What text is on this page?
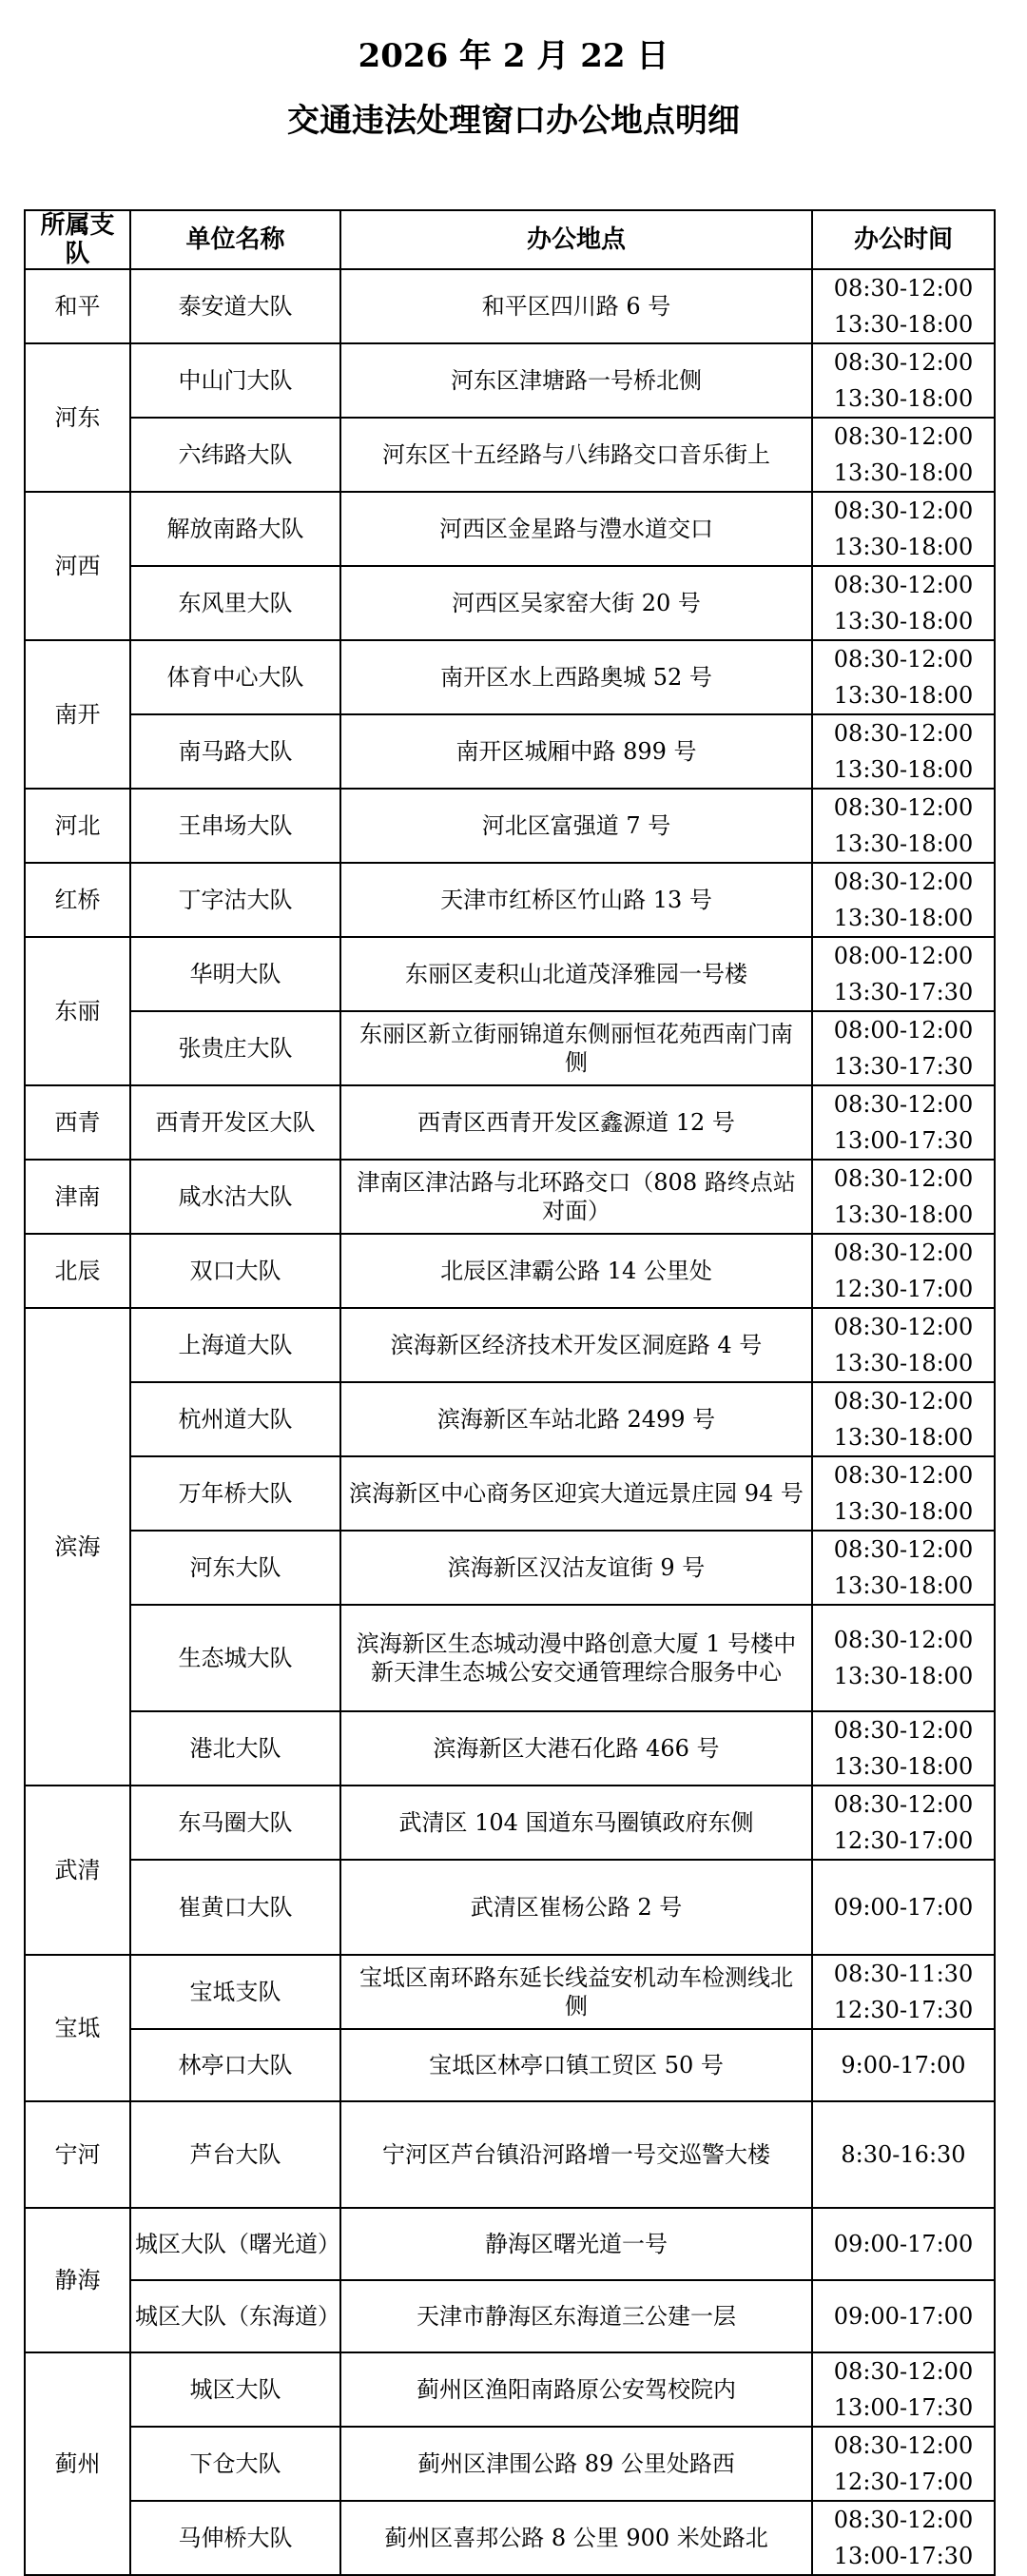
2026 年 2 月 22 日
交通违法处理窗口办公地点明细
所属支队	单位名称	办公地点	办公时间
和平	泰安道大队	和平区四川路 6 号	08:30-12:00
13:30-18:00

河东	中山门大队	河东区津塘路一号桥北侧	08:30-12:00
13:30-18:00

	六纬路大队	河东区十五经路与八纬路交口音乐街上	08:30-12:00
13:30-18:00

河西	解放南路大队	河西区金星路与澧水道交口	08:30-12:00
13:30-18:00

	东风里大队	河西区吴家窑大街 20 号	08:30-12:00
13:30-18:00

南开	体育中心大队	南开区水上西路奥城 52 号	08:30-12:00
13:30-18:00

	南马路大队	南开区城厢中路 899 号	08:30-12:00
13:30-18:00

河北	王串场大队	河北区富强道 7 号	08:30-12:00
13:30-18:00

红桥	丁字沽大队	天津市红桥区竹山路 13 号	08:30-12:00
13:30-18:00

东丽	华明大队	东丽区麦积山北道茂泽雅园一号楼	08:00-12:00
13:30-17:30

	张贵庄大队	东丽区新立街丽锦道东侧丽恒花苑西南门南侧	08:00-12:00
13:30-17:30

西青	西青开发区大队	西青区西青开发区鑫源道 12 号	08:30-12:00
13:00-17:30

津南	咸水沽大队	津南区津沽路与北环路交口（808 路终点站对面）	08:30-12:00
13:30-18:00

北辰	双口大队	北辰区津霸公路 14 公里处	08:30-12:00
12:30-17:00

滨海	上海道大队	滨海新区经济技术开发区洞庭路 4 号	08:30-12:00
13:30-18:00

	杭州道大队	滨海新区车站北路 2499 号	08:30-12:00
13:30-18:00

	万年桥大队	滨海新区中心商务区迎宾大道远景庄园 94 号	08:30-12:00
13:30-18:00

	河东大队	滨海新区汉沽友谊街 9 号	08:30-12:00
13:30-18:00

	生态城大队	滨海新区生态城动漫中路创意大厦 1 号楼中新天津生态城公安交通管理综合服务中心	08:30-12:00
13:30-18:00

	港北大队	滨海新区大港石化路 466 号	08:30-12:00
13:30-18:00

武清	东马圈大队	武清区 104 国道东马圈镇政府东侧	08:30-12:00
12:30-17:00

	崔黄口大队	武清区崔杨公路 2 号	09:00-17:00

宝坻	宝坻支队	宝坻区南环路东延长线益安机动车检测线北侧	08:30-11:30
12:30-17:30

	林亭口大队	宝坻区林亭口镇工贸区 50 号	9:00-17:00

宁河	芦台大队	宁河区芦台镇沿河路增一号交巡警大楼	8:30-16:30

静海	城区大队（曙光道）	静海区曙光道一号	09:00-17:00

	城区大队（东海道）	天津市静海区东海道三公建一层	09:00-17:00

蓟州	城区大队	蓟州区渔阳南路原公安驾校院内	08:30-12:00
13:00-17:30

	下仓大队	蓟州区津围公路 89 公里处路西	08:30-12:00
12:30-17:00

	马伸桥大队	蓟州区喜邦公路 8 公里 900 米处路北	08:30-12:00
13:00-17:30
